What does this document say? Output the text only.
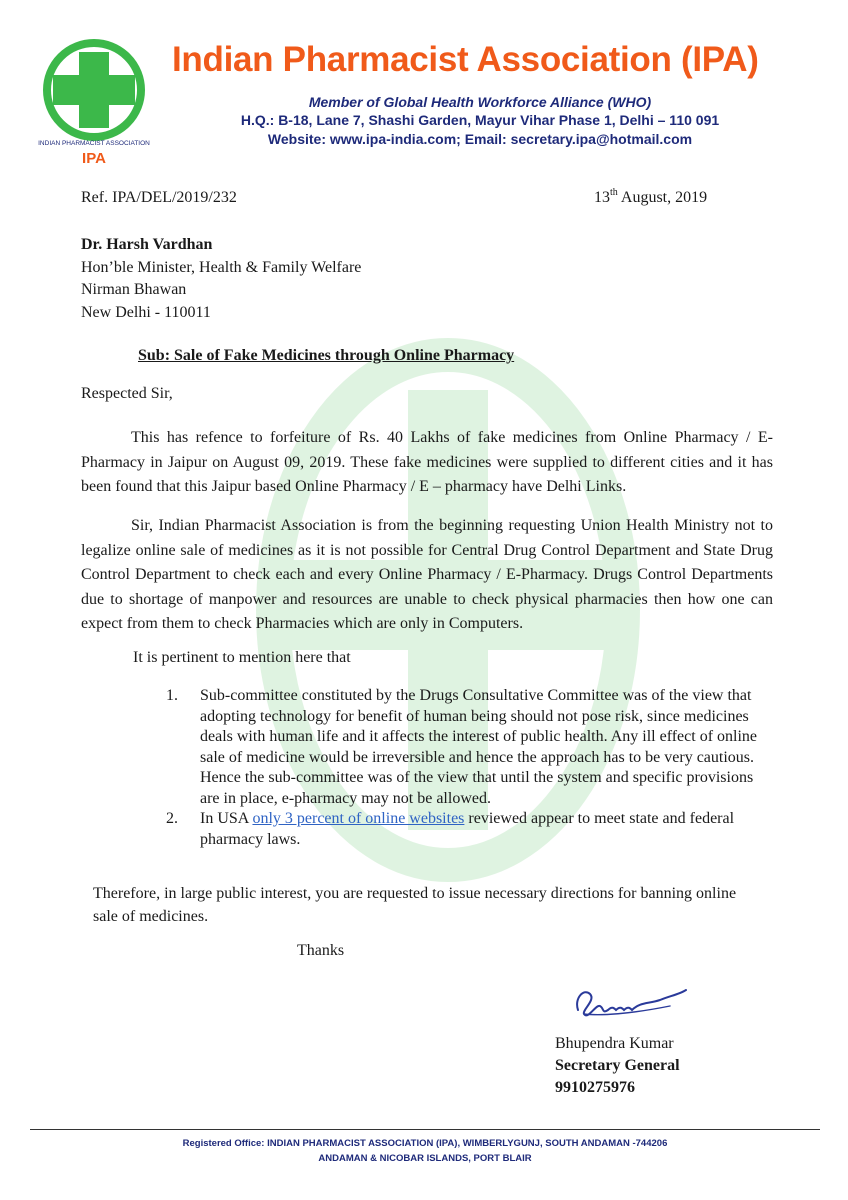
INDIAN PHARMACIST ASSOCIATION
IPA
Indian Pharmacist Association (IPA)
Member of Global Health Workforce Alliance (WHO)
H.Q.: B-18, Lane 7, Shashi Garden, Mayur Vihar Phase 1, Delhi – 110 091
Website: www.ipa-india.com; Email: secretary.ipa@hotmail.com
Ref. IPA/DEL/2019/232	13th August, 2019
Dr. Harsh Vardhan
Hon’ble Minister, Health & Family Welfare
Nirman Bhawan
New Delhi - 110011
Sub: Sale of Fake Medicines through Online Pharmacy
Respected Sir,
This has refence to forfeiture of Rs. 40 Lakhs of fake medicines from Online Pharmacy / E-Pharmacy in Jaipur on August 09, 2019. These fake medicines were supplied to different cities and it has been found that this Jaipur based Online Pharmacy / E – pharmacy have Delhi Links.
Sir, Indian Pharmacist Association is from the beginning requesting Union Health Ministry not to legalize online sale of medicines as it is not possible for Central Drug Control Department and State Drug Control Department to check each and every Online Pharmacy / E-Pharmacy. Drugs Control Departments due to shortage of manpower and resources are unable to check physical pharmacies then how one can expect from them to check Pharmacies which are only in Computers.
It is pertinent to mention here that
1. Sub-committee constituted by the Drugs Consultative Committee was of the view that adopting technology for benefit of human being should not pose risk, since medicines deals with human life and it affects the interest of public health. Any ill effect of online sale of medicine would be irreversible and hence the approach has to be very cautious. Hence the sub-committee was of the view that until the system and specific provisions are in place, e-pharmacy may not be allowed.
2. In USA only 3 percent of online websites reviewed appear to meet state and federal pharmacy laws.
Therefore, in large public interest, you are requested to issue necessary directions for banning online sale of medicines.
Thanks
Bhupendra Kumar
Secretary General
9910275976
Registered Office: INDIAN PHARMACIST ASSOCIATION (IPA), WIMBERLYGUNJ, SOUTH ANDAMAN -744206
ANDAMAN & NICOBAR ISLANDS, PORT BLAIR
